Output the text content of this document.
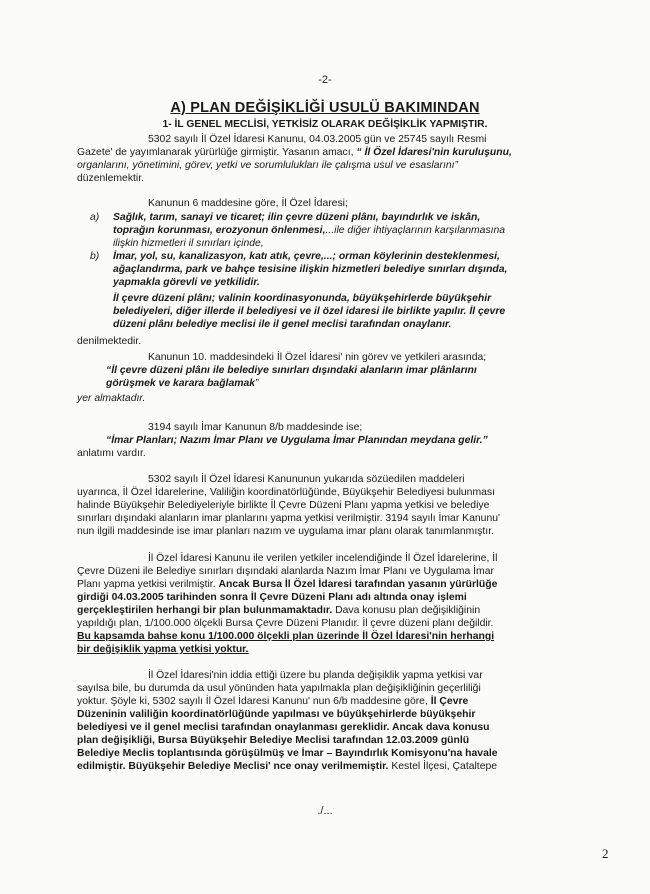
-2-
A) PLAN DEĞİŞİKLİĞİ USULÜ BAKIMINDAN
1- İL GENEL MECLİSİ, YETKİSİZ OLARAK DEĞİŞİKLİK YAPMIŞTIR.
5302 sayılı İl Özel İdaresi Kanunu, 04.03.2005 gün ve 25745 sayılı Resmi
Gazete' de yayımlanarak yürürlüğe girmiştir. Yasanın amacı, “ İl Özel İdaresi'nin kuruluşunu,
organlarını, yönetimini, görev, yetki ve sorumlulukları ile çalışma usul ve esaslarını”
düzenlemektir.
Kanunun 6 maddesine göre, İl Özel İdaresi;
a) Sağlık, tarım, sanayi ve ticaret; ilin çevre düzeni plânı, bayındırlık ve iskân,
toprağın korunması, erozyonun önlenmesi,...ile diğer ihtiyaçlarının karşılanmasına
ilişkin hizmetleri il sınırları içinde,
b) İmar, yol, su, kanalizasyon, katı atık, çevre,...; orman köylerinin desteklenmesi,
ağaçlandırma, park ve bahçe tesisine ilişkin hizmetleri belediye sınırları dışında,
yapmakla görevli ve yetkilidir.
İl çevre düzeni plânı; valinin koordinasyonunda, büyükşehirlerde büyükşehir
belediyeleri, diğer illerde il belediyesi ve il özel idaresi ile birlikte yapılır. İl çevre
düzeni plânı belediye meclisi ile il genel meclisi tarafından onaylanır.
denilmektedir.
Kanunun 10. maddesindeki İl Özel İdaresi' nin görev ve yetkileri arasında;
“İl çevre düzeni plânı ile belediye sınırları dışındaki alanların imar plânlarını
görüşmek ve karara bağlamak”
yer almaktadır.
3194 sayılı İmar Kanunun 8/b maddesinde ise;
“İmar Planları; Nazım İmar Planı ve Uygulama İmar Planından meydana gelir.”
anlatımı vardır.
5302 sayılı İl Özel İdaresi Kanununun yukarıda sözüedilen maddeleri
uyarınca, İl Özel İdarelerine, Valiliğin koordinatörlüğünde, Büyükşehir Belediyesi bulunması
halinde Büyükşehir Belediyeleriyle birlikte İl Çevre Düzeni Planı yapma yetkisi ve belediye
sınırları dışındaki alanların imar planlarını yapma yetkisi verilmiştir. 3194 sayılı İmar Kanunu'
nun ilgili maddesinde ise imar planları nazım ve uygulama imar planı olarak tanımlanmıştır.
İl Özel İdaresi Kanunu ile verilen yetkiler incelendiğinde İl Özel İdarelerine, İl
Çevre Düzeni ile Belediye sınırları dışındaki alanlarda Nazım İmar Planı ve Uygulama İmar
Planı yapma yetkisi verilmiştir. Ancak Bursa İl Özel İdaresi tarafından yasanın yürürlüğe
girdiği 04.03.2005 tarihinden sonra İl Çevre Düzeni Planı adı altında onay işlemi
gerçekleştirilen herhangi bir plan bulunmamaktadır. Dava konusu plan değişikliğinin
yapıldığı plan, 1/100.000 ölçekli Bursa Çevre Düzeni Planıdır. İl çevre düzeni planı değildir.
Bu kapsamda bahse konu 1/100.000 ölçekli plan üzerinde İl Özel İdaresi'nin herhangi
bir değişiklik yapma yetkisi yoktur.
İl Özel İdaresi'nin iddia ettiği üzere bu planda değişiklik yapma yetkisi var
sayılsa bile, bu durumda da usul yönünden hata yapılmakla plan değişikliğinin geçerliliği
yoktur. Şöyle ki, 5302 sayılı İl Özel İdaresi Kanunu' nun 6/b maddesine göre, İl Çevre
Düzeninin valiliğin koordinatörlüğünde yapılması ve büyükşehirlerde büyükşehir
belediyesi ve il genel meclisi tarafından onaylanması gereklidir. Ancak dava konusu
plan değişikliği, Bursa Büyükşehir Belediye Meclisi tarafından 12.03.2009 günlü
Belediye Meclis toplantısında görüşülmüş ve İmar – Bayındırlık Komisyonu'na havale
edilmiştir. Büyükşehir Belediye Meclisi' nce onay verilmemiştir. Kestel İlçesi, Çataltepe
./...
2
